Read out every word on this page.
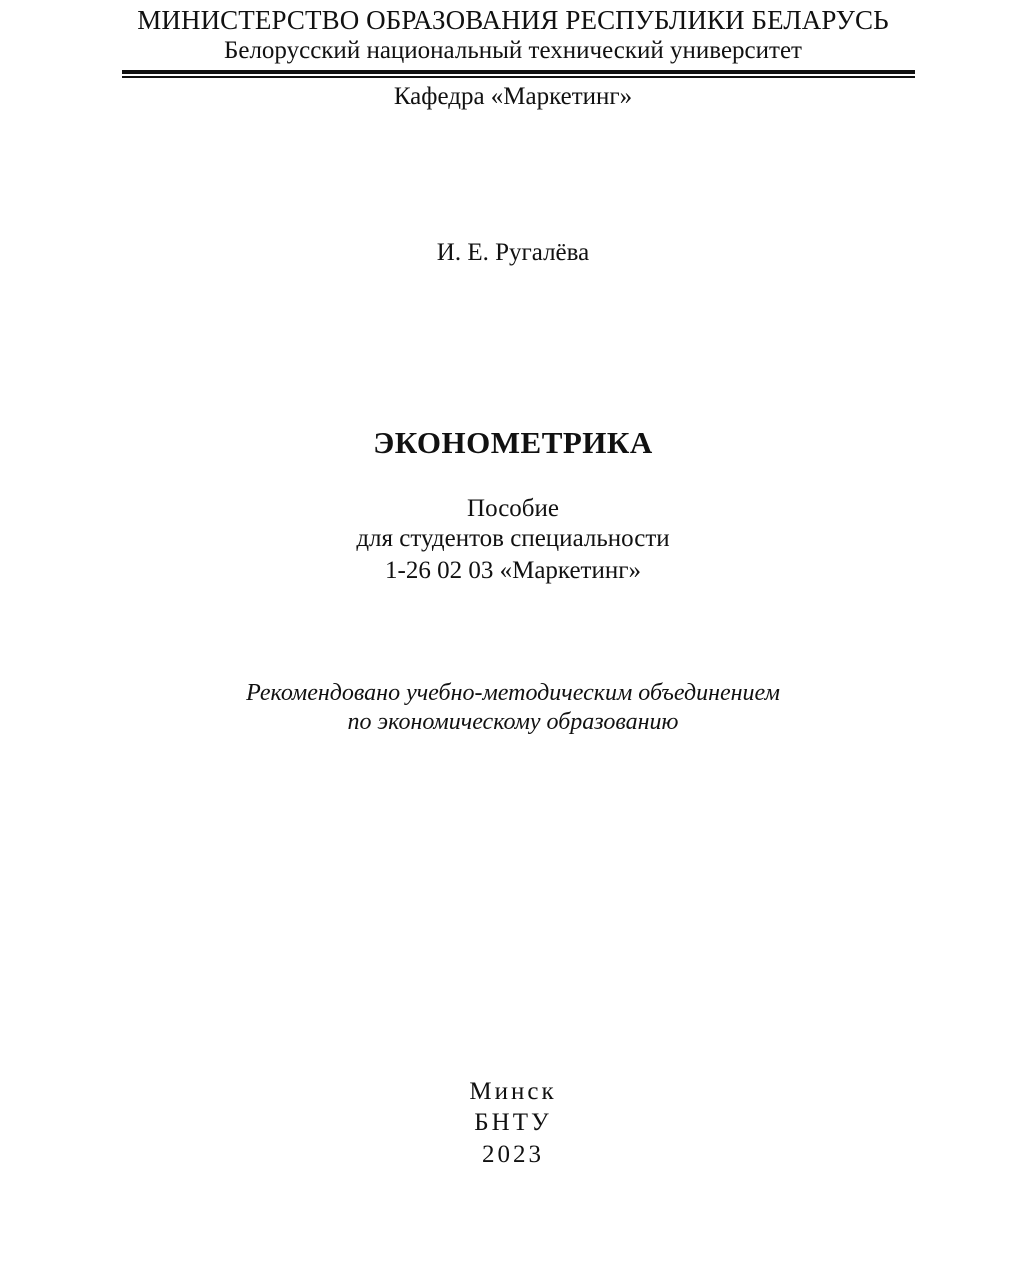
МИНИСТЕРСТВО ОБРАЗОВАНИЯ РЕСПУБЛИКИ БЕЛАРУСЬ
Белорусский национальный технический университет
Кафедра «Маркетинг»
И. Е. Ругалёва
ЭКОНОМЕТРИКА
Пособие
для студентов специальности
1-26 02 03 «Маркетинг»
Рекомендовано учебно-методическим объединением
по экономическому образованию
Минск
БНТУ
2023
